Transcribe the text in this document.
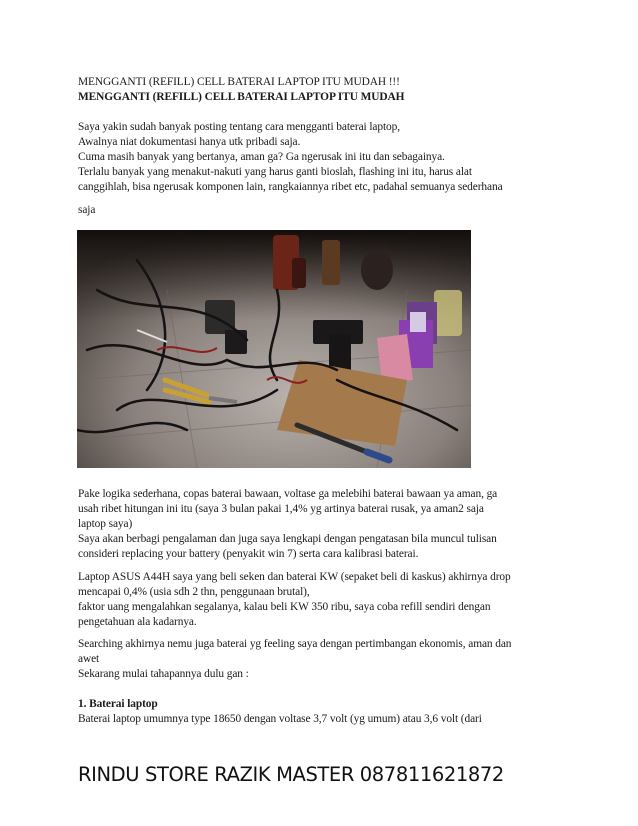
MENGGANTI (REFILL) CELL BATERAI LAPTOP ITU MUDAH !!!
MENGGANTI (REFILL) CELL BATERAI LAPTOP ITU MUDAH

Saya yakin sudah banyak posting tentang cara mengganti baterai laptop,

Awalnya niat dokumentasi hanya utk pribadi saja.

Cuma masih banyak yang bertanya, aman ga? Ga ngerusak ini itu dan sebagainya.

Terlalu banyak yang menakut-nakuti yang harus ganti bioslah, flashing ini itu, harus alat

canggihlah, bisa ngerusak komponen lain, rangkaiannya ribet etc, padahal semuanya sederhana

saja

Pake logika sederhana, copas baterai bawaan, voltase ga melebihi baterai bawaan ya aman, ga

usah ribet hitungan ini itu (saya 3 bulan pakai 1,4% yg artinya baterai rusak, ya aman2 saja

laptop saya)

Saya akan berbagi pengalaman dan juga saya lengkapi dengan pengatasan bila muncul tulisan

consideri replacing your battery (penyakit win 7) serta cara kalibrasi baterai.

Laptop ASUS A44H saya yang beli seken dan baterai KW (sepaket beli di kaskus) akhirnya drop

mencapai 0,4% (usia sdh 2 thn, penggunaan brutal),

faktor uang mengalahkan segalanya, kalau beli KW 350 ribu, saya coba refill sendiri dengan

pengetahuan ala kadarnya.

Searching akhirnya nemu juga baterai yg feeling saya dengan pertimbangan ekonomis, aman dan

awet

Sekarang mulai tahapannya dulu gan :

1. Baterai laptop
Baterai laptop umumnya type 18650 dengan voltase 3,7 volt (yg umum) atau 3,6 volt (dari
RINDU STORE RAZIK MASTER 087811621872
